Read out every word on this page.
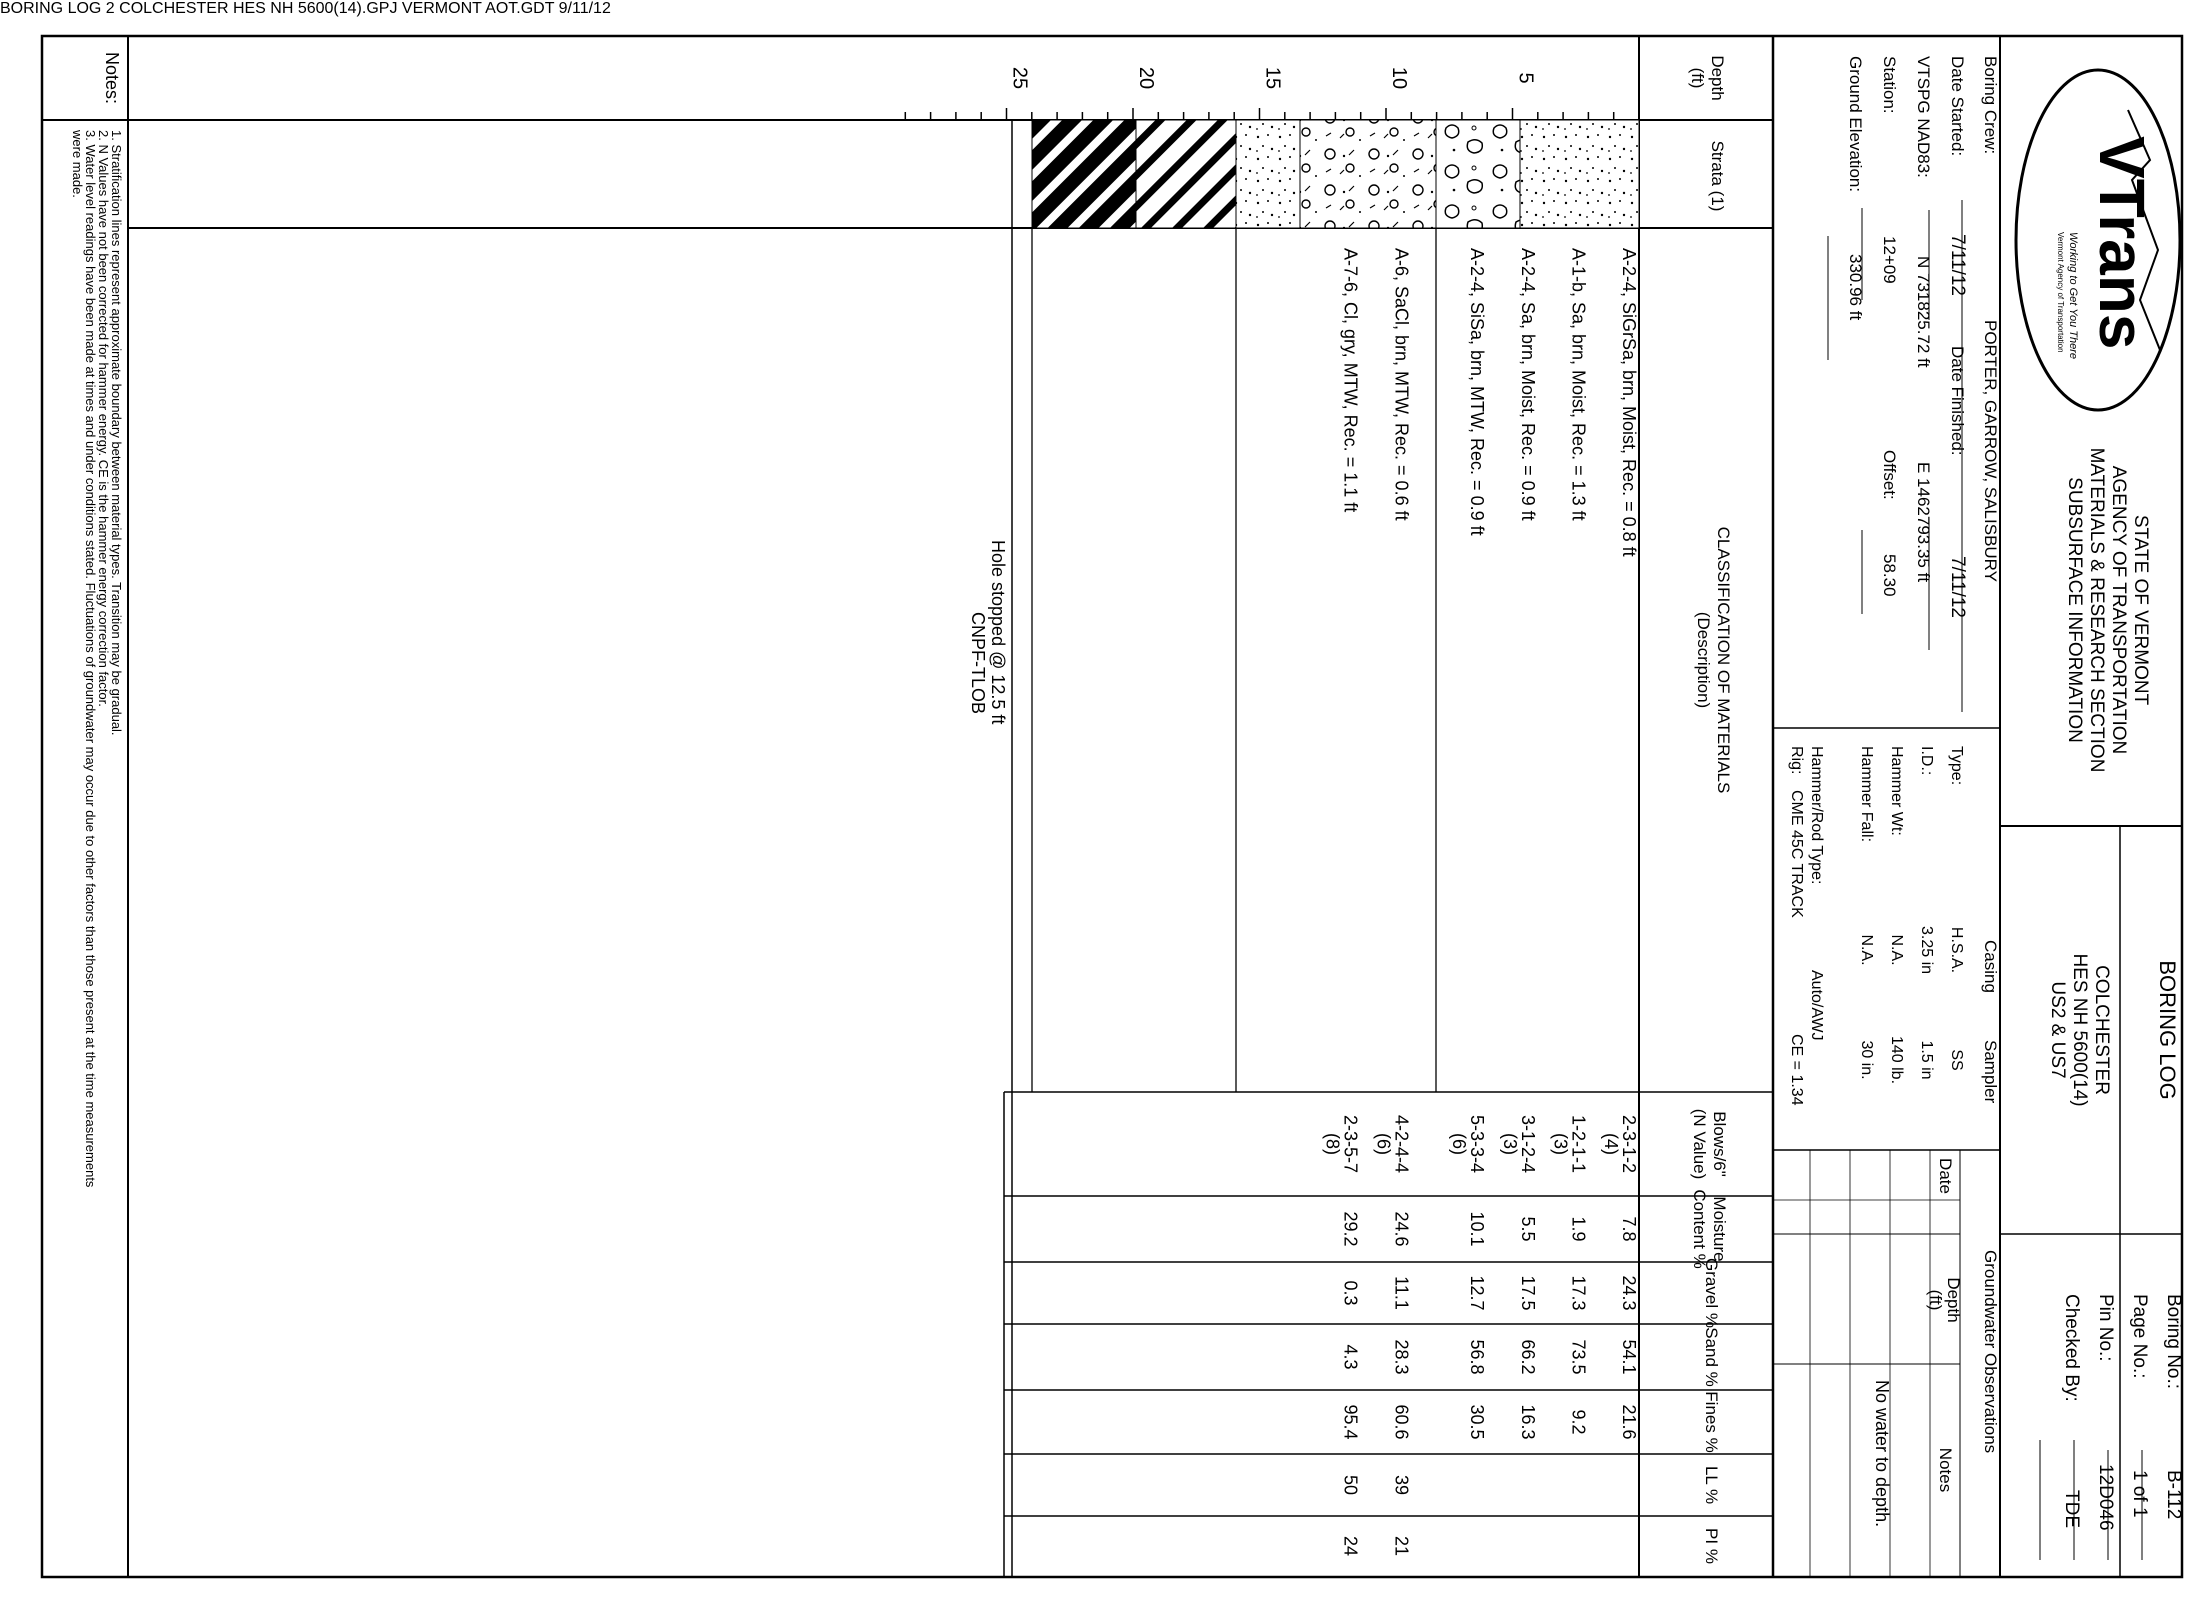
BORING LOG 2 COLCHESTER HES NH 5600(14).GPJ VERMONT AOT.GDT 9/11/12
Depth
(ft)
Strata (1)
CLASSIFICATION OF MATERIALS
(Description)
Blows/6"
(N Value)
Moisture
Content %
Gravel %
Sand %
Fines %
LL %
PI %
A-2-4, SiGrSa, brn, Moist, Rec. = 0.8 ft
2-3-1-2
(4)
7.8
24.3
54.1
21.6
A-1-b, Sa, brn, Moist, Rec. = 1.3 ft
1-2-1-1
(3)
1.9
17.3
73.5
9.2
A-2-4, Sa, brn, Moist, Rec. = 0.9 ft
3-1-2-4
(3)
5.5
17.5
66.2
16.3
A-2-4, SiSa, brn, MTW, Rec. = 0.9 ft
5-3-3-4
(6)
10.1
12.7
56.8
30.5
A-6, SaCl, brn, MTW, Rec. = 0.6 ft
4-2-4-4
(6)
24.6
11.1
28.3
60.6
39
21
A-7-6, Cl, gry, MTW, Rec. = 1.1 ft
2-3-5-7
(8)
29.2
0.3
4.3
95.4
50
24
Hole stopped @ 12.5 ft
CNPF-TLOB
Notes:
1. Stratification lines represent approximate boundary between material types. Transition may be gradual.
2. N Values have not been corrected for hammer energy. CE is the hammer energy correction factor.
3. Water level readings have been made at times and under conditions stated. Fluctuations of groundwater may occur due to other factors than those present at the time measurements
were made.
Boring Crew:
PORTER, GARROW, SALISBURY
Date Started:
7/11/12
Date Finished:
7/11/12
VTSPG NAD83:
N 731825.72 ft
E 1462793.35 ft
Station:
12+09
Offset:
58.30
Ground Elevation:
330.96 ft
Casing
Sampler
Hammer/Rod Type:
Auto/AWJ
Rig:
CME 45C TRACK
CE = 1.34
Type:
H.S.A.
SS
I.D.:
3.25 in
1.5 in
Hammer Wt:
N.A.
140 lb.
Hammer Fall:
N.A.
30 in.
Groundwater Observations
Date
Depth
(ft)
Notes
No water to depth.
VTrans
Working to Get You There
Vermont Agency of Transportation
STATE OF VERMONT
AGENCY OF TRANSPORTATION
MATERIALS & RESEARCH SECTION
SUBSURFACE INFORMATION
BORING LOG
COLCHESTER
HES NH 5600(14)
US2 & US7
Boring No.:
B-112
Page No.:
1 of 1
Pin No.:
12D046
Checked By:
TDE
5
10
15
20
25
